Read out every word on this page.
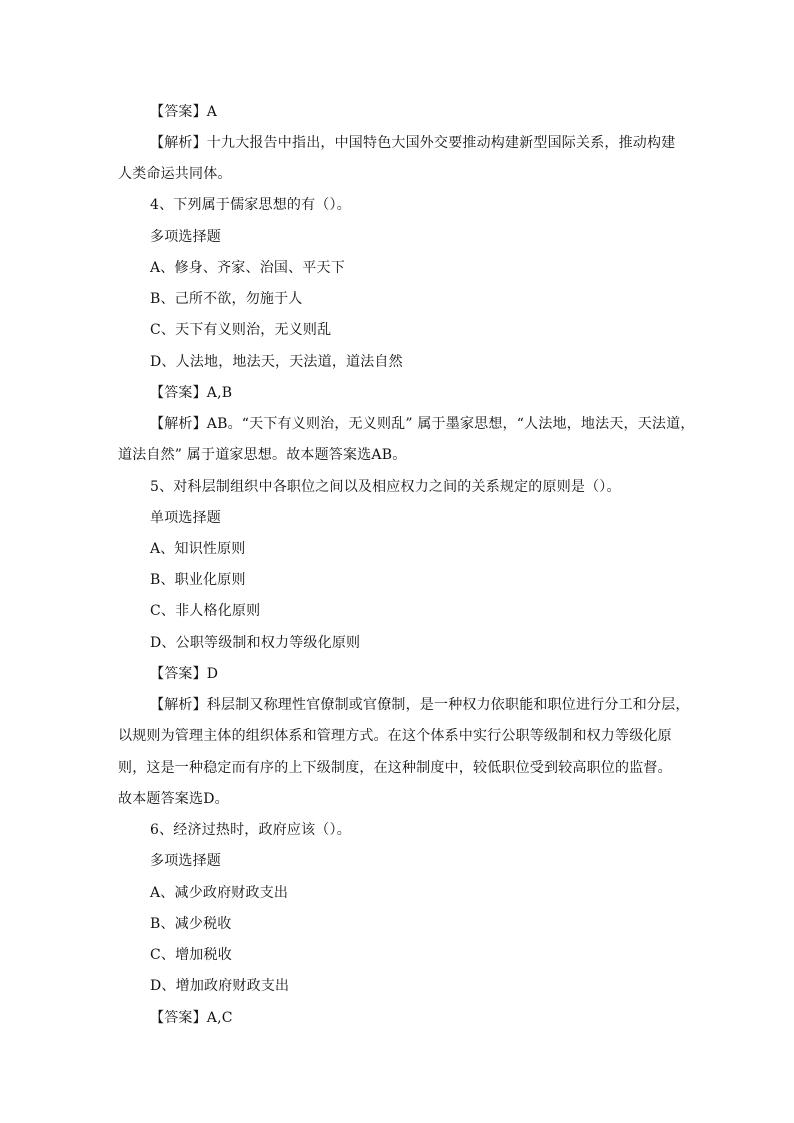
【答案】A
【解析】十九大报告中指出，中国特色大国外交要推动构建新型国际关系，推动构建
人类命运共同体。
4、下列属于儒家思想的有（）。
多项选择题
A、修身、齐家、治国、平天下
B、己所不欲，勿施于人
C、天下有义则治，无义则乱
D、人法地，地法天，天法道，道法自然
【答案】A,B
【解析】AB。“天下有义则治，无义则乱” 属于墨家思想，“人法地，地法天，天法道，
道法自然” 属于道家思想。故本题答案选AB。
5、对科层制组织中各职位之间以及相应权力之间的关系规定的原则是（）。
单项选择题
A、知识性原则
B、职业化原则
C、非人格化原则
D、公职等级制和权力等级化原则
【答案】D
【解析】科层制又称理性官僚制或官僚制，是一种权力依职能和职位进行分工和分层，
以规则为管理主体的组织体系和管理方式。在这个体系中实行公职等级制和权力等级化原
则，这是一种稳定而有序的上下级制度，在这种制度中，较低职位受到较高职位的监督。
故本题答案选D。
6、经济过热时，政府应该（）。
多项选择题
A、减少政府财政支出
B、减少税收
C、增加税收
D、增加政府财政支出
【答案】A,C
